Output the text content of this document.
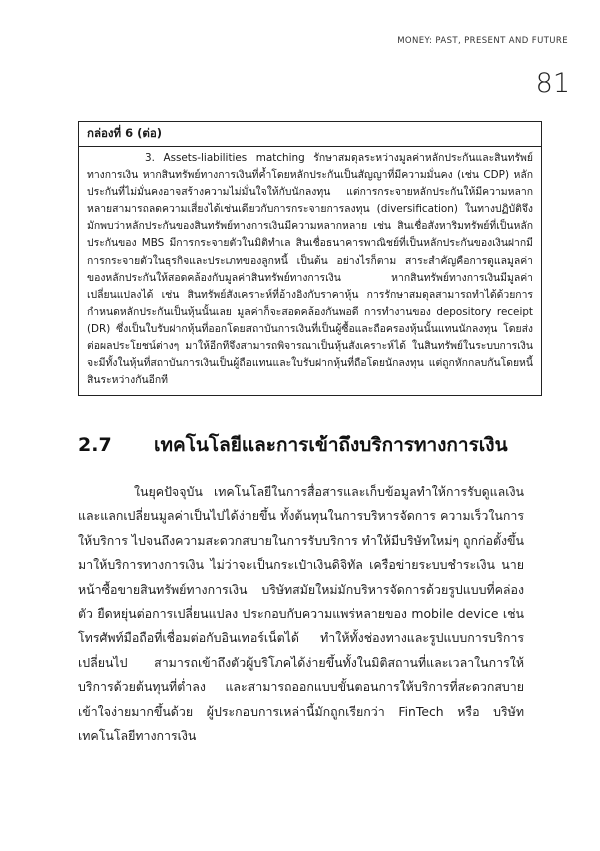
MONEY: PAST, PRESENT AND FUTURE
81
กล่องที่ 6 (ต่อ)
3. Assets-liabilities matching รักษาสมดุลระหว่างมูลค่าหลักประกันและสินทรัพย์ทางการเงิน หากสินทรัพย์ทางการเงินที่ค้ำโดยหลักประกันเป็นสัญญาที่มีความมั่นคง (เช่น CDP) หลักประกันที่ไม่มั่นคงอาจสร้างความไม่มั่นใจให้กับนักลงทุน แต่การกระจายหลักประกันให้มีความหลากหลายสามารถลดความเสี่ยงได้เช่นเดียวกับการกระจายการลงทุน (diversification) ในทางปฏิบัติจึงมักพบว่าหลักประกันของสินทรัพย์ทางการเงินมีความหลากหลาย เช่น สินเชื่อสังหาริมทรัพย์ที่เป็นหลักประกันของ MBS มีการกระจายตัวในมิติทำเล สินเชื่อธนาคารพาณิชย์ที่เป็นหลักประกันของเงินฝากมีการกระจายตัวในธุรกิจและประเภทของลูกหนี้ เป็นต้น อย่างไรก็ตาม สาระสำคัญคือการดูแลมูลค่าของหลักประกันให้สอดคล้องกับมูลค่าสินทรัพย์ทางการเงิน หากสินทรัพย์ทางการเงินมีมูลค่าเปลี่ยนแปลงได้ เช่น สินทรัพย์สังเคราะห์ที่อ้างอิงกับราคาหุ้น การรักษาสมดุลสามารถทำได้ด้วยการกำหนดหลักประกันเป็นหุ้นนั้นเลย มูลค่าก็จะสอดคล้องกันพอดี การทำงานของ depository receipt (DR) ซึ่งเป็นใบรับฝากหุ้นที่ออกโดยสถาบันการเงินที่เป็นผู้ซื้อและถือครองหุ้นนั้นแทนนักลงทุน โดยส่งต่อผลประโยชน์ต่างๆ มาให้อีกทีจึงสามารถพิจารณาเป็นหุ้นสังเคราะห์ได้ ในสินทรัพย์ในระบบการเงินจะมีทั้งในหุ้นที่สถาบันการเงินเป็นผู้ถือแทนและใบรับฝากหุ้นที่ถือโดยนักลงทุน แต่ถูกหักกลบกันโดยหนี้สินระหว่างกันอีกที
2.7 เทคโนโลยีและการเข้าถึงบริการทางการเงิน
ในยุคปัจจุบัน เทคโนโลยีในการสื่อสารและเก็บข้อมูลทำให้การรับดูแลเงินและแลกเปลี่ยนมูลค่าเป็นไปได้ง่ายขึ้น ทั้งต้นทุนในการบริหารจัดการ ความเร็วในการให้บริการ ไปจนถึงความสะดวกสบายในการรับบริการ ทำให้มีบริษัทใหม่ๆ ถูกก่อตั้งขึ้นมาให้บริการทางการเงิน ไม่ว่าจะเป็นกระเป๋าเงินดิจิทัล เครือข่ายระบบชำระเงิน นายหน้าซื้อขายสินทรัพย์ทางการเงิน บริษัทสมัยใหม่มักบริหารจัดการด้วยรูปแบบที่คล่องตัว ยืดหยุ่นต่อการเปลี่ยนแปลง ประกอบกับความแพร่หลายของ mobile device เช่นโทรศัพท์มือถือที่เชื่อมต่อกับอินเทอร์เน็ตได้ ทำให้ทั้งช่องทางและรูปแบบการบริการเปลี่ยนไป สามารถเข้าถึงตัวผู้บริโภคได้ง่ายขึ้นทั้งในมิติสถานที่และเวลาในการให้บริการด้วยต้นทุนที่ต่ำลง และสามารถออกแบบขั้นตอนการให้บริการที่สะดวกสบาย เข้าใจง่ายมากขึ้นด้วย ผู้ประกอบการเหล่านี้มักถูกเรียกว่า FinTech หรือ บริษัทเทคโนโลยีทางการเงิน
